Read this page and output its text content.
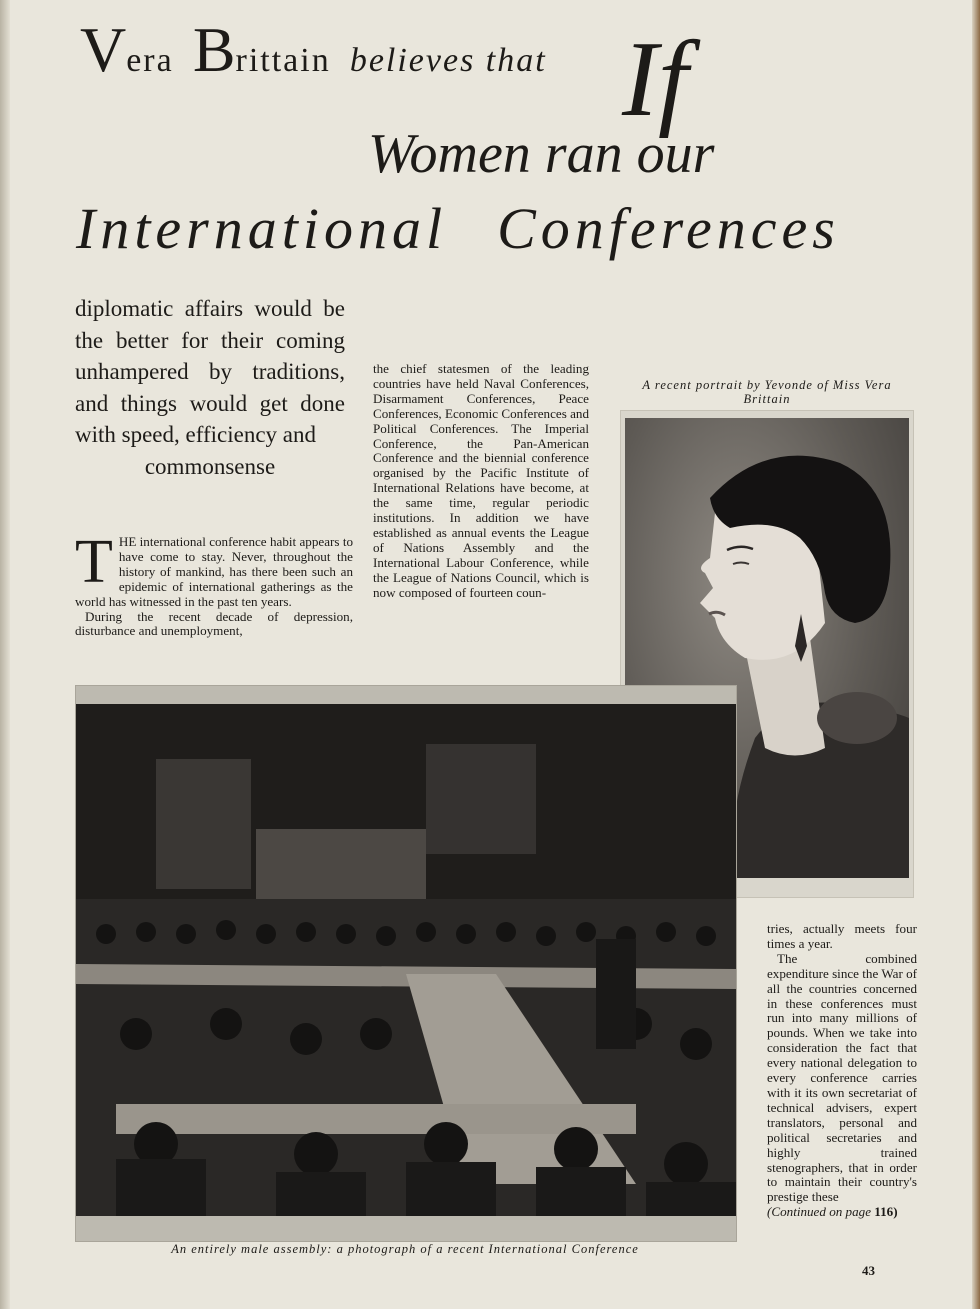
Vera Brittain believes that If
Women ran our
International Conferences
diplomatic affairs would be the better for their coming unhampered by traditions, and things would get done with speed, efficiency and
commonsense
T HE international conference habit appears to have come to stay. Never, throughout the history of mankind, has there been such an epidemic of international gatherings as the world has witnessed in the past ten years.

During the recent decade of depression, disturbance and unemployment,

the chief statesmen of the leading countries have held Naval Conferences, Disarmament Conferences, Peace Conferences, Economic Conferences and Political Conferences. The Imperial Conference, the Pan-American Conference and the biennial conference organised by the Pacific Institute of International Relations have become, at the same time, regular periodic institutions. In addition we have established as annual events the League of Nations Assembly and the International Labour Conference, while the League of Nations Council, which is now composed of fourteen coun-

A recent portrait by Yevonde of Miss Vera Brittain
An entirely male assembly: a photograph of a recent International Conference

tries, actually meets four times a year.

The combined expenditure since the War of all the countries concerned in these conferences must run into many millions of pounds. When we take into consideration the fact that every national delegation to every conference carries with it its own secretariat of technical advisers, expert translators, personal and political secretaries and highly trained stenographers, that in order to maintain their country's prestige these

(Continued on page 116)

43
